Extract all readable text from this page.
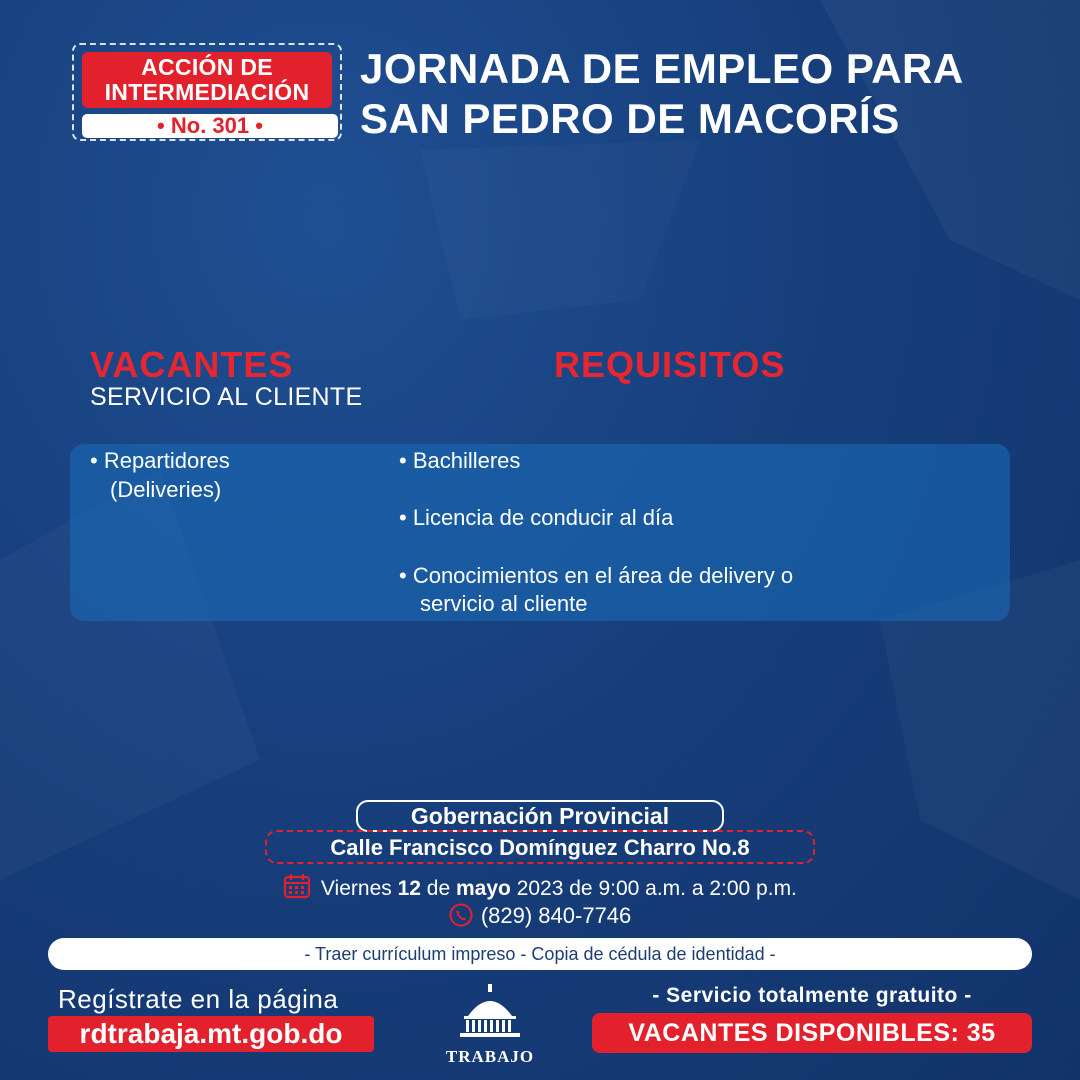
ACCIÓN DE
INTERMEDIACIÓN
• No. 301 •
JORNADA DE EMPLEO PARA
SAN PEDRO DE MACORÍS
VACANTES
SERVICIO AL CLIENTE
REQUISITOS
• Repartidores
(Deliveries)
• Bachilleres
• Licencia de conducir al día
• Conocimientos en el área de delivery o
servicio al cliente
Gobernación Provincial
Calle Francisco Domínguez Charro No.8
Viernes 12 de mayo 2023 de 9:00 a.m. a 2:00 p.m.
(829) 840-7746
- Traer currículum impreso - Copia de cédula de identidad -
Regístrate en la página
rdtrabaja.mt.gob.do
TRABAJO
- Servicio totalmente gratuito -
VACANTES DISPONIBLES: 35
